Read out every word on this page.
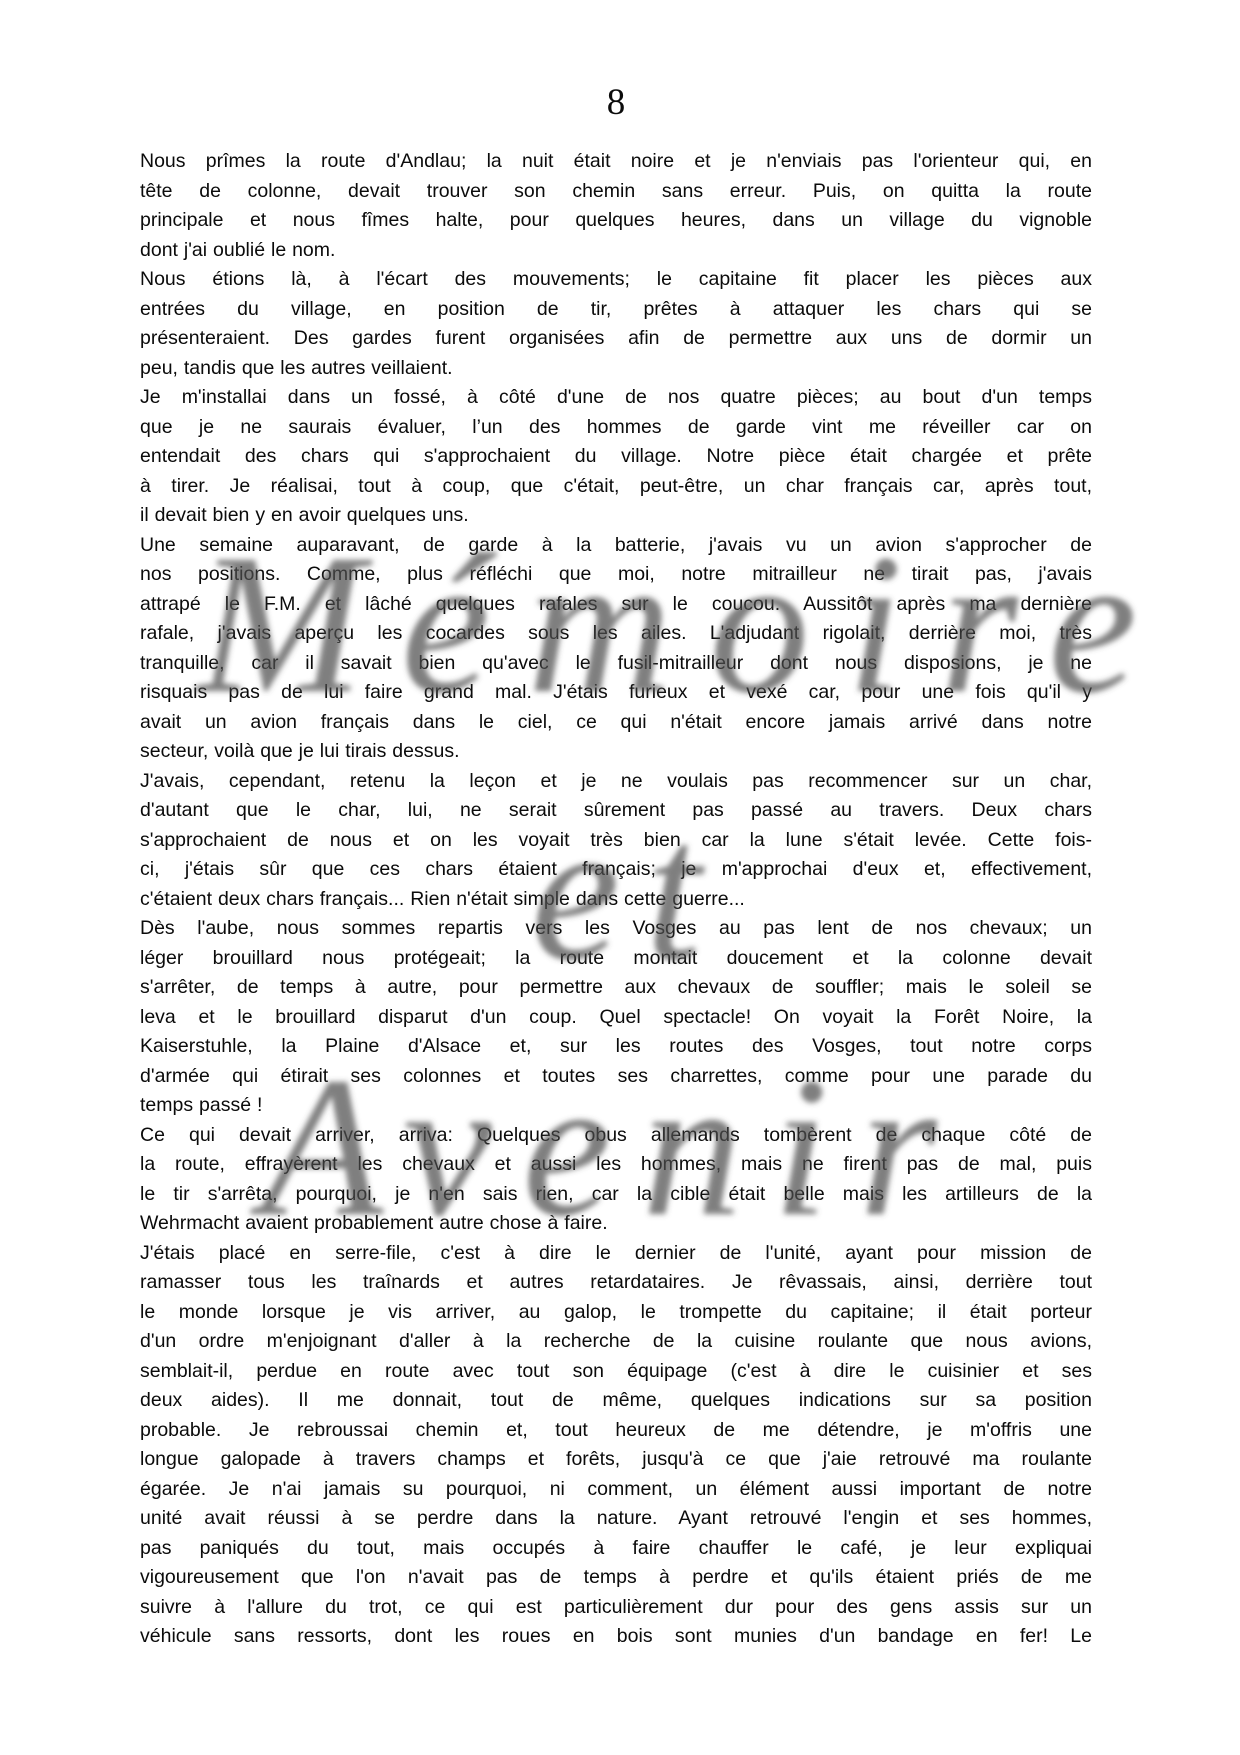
8
Nous prîmes la route d'Andlau; la nuit était noire et je n'enviais pas l'orienteur qui, en
tête de colonne, devait trouver son chemin sans erreur. Puis, on quitta la route
principale et nous fîmes halte, pour quelques heures, dans un village du vignoble
dont j'ai oublié le nom.
Nous étions là, à l'écart des mouvements; le capitaine fit placer les pièces aux
entrées du village, en position de tir, prêtes à attaquer les chars qui se
présenteraient. Des gardes furent organisées afin de permettre aux uns de dormir un
peu, tandis que les autres veillaient.
Je m'installai dans un fossé, à côté d'une de nos quatre pièces; au bout d'un temps
que je ne saurais évaluer, l’un des hommes de garde vint me réveiller car on
entendait des chars qui s'approchaient du village. Notre pièce était chargée et prête
à tirer. Je réalisai, tout à coup, que c'était, peut-être, un char français car, après tout,
il devait bien y en avoir quelques uns.
Une semaine auparavant, de garde à la batterie, j'avais vu un avion s'approcher de
nos positions. Comme, plus réfléchi que moi, notre mitrailleur ne tirait pas, j'avais
attrapé le F.M. et lâché quelques rafales sur le coucou. Aussitôt après ma dernière
rafale, j'avais aperçu les cocardes sous les ailes. L'adjudant rigolait, derrière moi, très
tranquille, car il savait bien qu'avec le fusil-mitrailleur dont nous disposions, je ne
risquais pas de lui faire grand mal. J'étais furieux et vexé car, pour une fois qu'il y
avait un avion français dans le ciel, ce qui n'était encore jamais arrivé dans notre
secteur, voilà que je lui tirais dessus.
J'avais, cependant, retenu la leçon et je ne voulais pas recommencer sur un char,
d'autant que le char, lui, ne serait sûrement pas passé au travers. Deux chars
s'approchaient de nous et on les voyait très bien car la lune s'était levée. Cette fois-
ci, j'étais sûr que ces chars étaient français; je m'approchai d'eux et, effectivement,
c'étaient deux chars français... Rien n'était simple dans cette guerre...
Dès l'aube, nous sommes repartis vers les Vosges au pas lent de nos chevaux; un
léger brouillard nous protégeait; la route montait doucement et la colonne devait
s'arrêter, de temps à autre, pour permettre aux chevaux de souffler; mais le soleil se
leva et le brouillard disparut d'un coup. Quel spectacle! On voyait la Forêt Noire, la
Kaiserstuhle, la Plaine d'Alsace et, sur les routes des Vosges, tout notre corps
d'armée qui étirait ses colonnes et toutes ses charrettes, comme pour une parade du
temps passé !
Ce qui devait arriver, arriva: Quelques obus allemands tombèrent de chaque côté de
la route, effrayèrent les chevaux et aussi les hommes, mais ne firent pas de mal, puis
le tir s'arrêta, pourquoi, je n'en sais rien, car la cible était belle mais les artilleurs de la
Wehrmacht avaient probablement autre chose à faire.
J'étais placé en serre-file, c'est à dire le dernier de l'unité, ayant pour mission de
ramasser tous les traînards et autres retardataires. Je rêvassais, ainsi, derrière tout
le monde lorsque je vis arriver, au galop, le trompette du capitaine; il était porteur
d'un ordre m'enjoignant d'aller à la recherche de la cuisine roulante que nous avions,
semblait-il, perdue en route avec tout son équipage (c'est à dire le cuisinier et ses
deux aides). Il me donnait, tout de même, quelques indications sur sa position
probable. Je rebroussai chemin et, tout heureux de me détendre, je m'offris une
longue galopade à travers champs et forêts, jusqu'à ce que j'aie retrouvé ma roulante
égarée. Je n'ai jamais su pourquoi, ni comment, un élément aussi important de notre
unité avait réussi à se perdre dans la nature. Ayant retrouvé l'engin et ses hommes,
pas paniqués du tout, mais occupés à faire chauffer le café, je leur expliquai
vigoureusement que l'on n'avait pas de temps à perdre et qu'ils étaient priés de me
suivre à l'allure du trot, ce qui est particulièrement dur pour des gens assis sur un
véhicule sans ressorts, dont les roues en bois sont munies d'un bandage en fer! Le
Mémoire
et
Avenir
